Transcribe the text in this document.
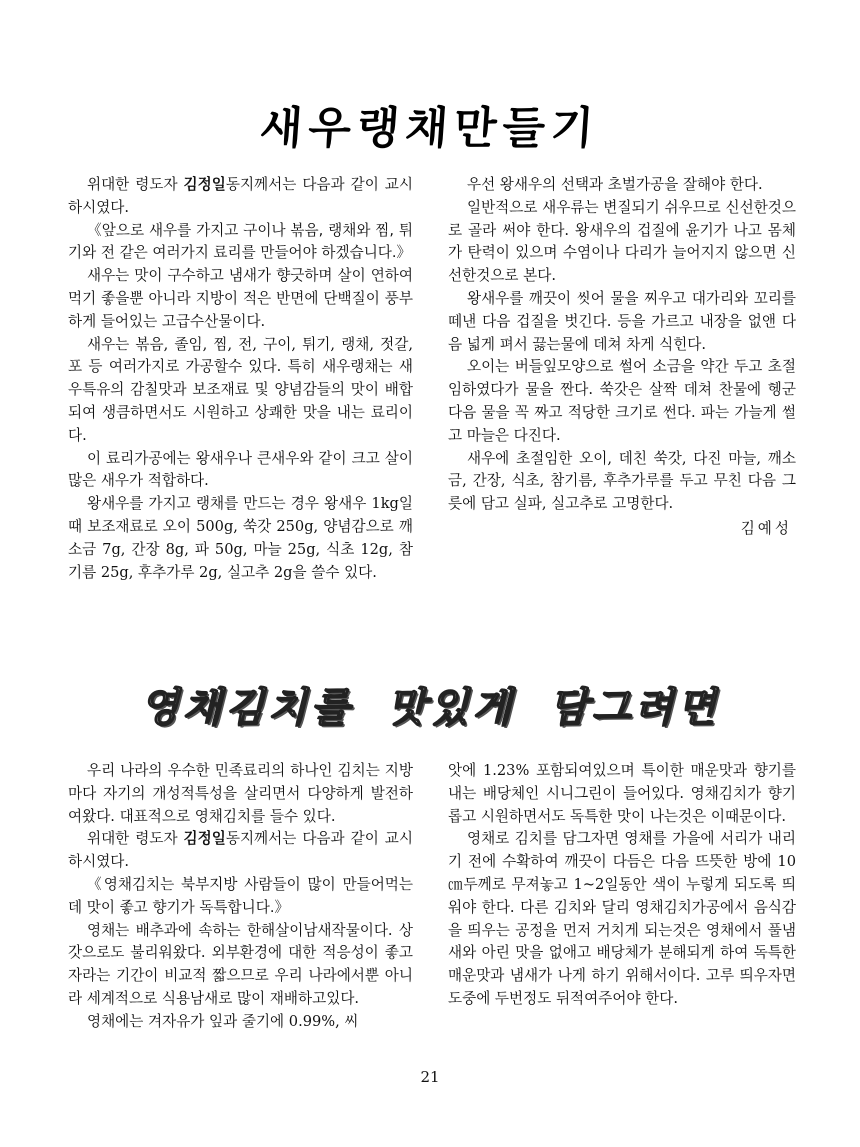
새우랭채만들기

위대한 령도자 김정일동지께서는 다음과 같이 교시하시였다.

《앞으로 새우를 가지고 구이나 볶음, 랭채와 찜, 튀기와 전 같은 여러가지 료리를 만들어야 하겠습니다.》

새우는 맛이 구수하고 냄새가 향긋하며 살이 연하여 먹기 좋을뿐 아니라 지방이 적은 반면에 단백질이 풍부하게 들어있는 고급수산물이다.

새우는 볶음, 졸임, 찜, 전, 구이, 튀기, 랭채, 젓갈, 포 등 여러가지로 가공할수 있다. 특히 새우랭채는 새우특유의 감칠맛과 보조재료 및 양념감들의 맛이 배합되여 생큼하면서도 시원하고 상쾌한 맛을 내는 료리이다.

이 료리가공에는 왕새우나 큰새우와 같이 크고 살이 많은 새우가 적합하다.

왕새우를 가지고 랭채를 만드는 경우 왕새우 1kg일 때 보조재료로 오이 500g, 쑥갓 250g, 양념감으로 깨소금 7g, 간장 8g, 파 50g, 마늘 25g, 식초 12g, 참기름 25g, 후추가루 2g, 실고추 2g을 쓸수 있다.

우선 왕새우의 선택과 초벌가공을 잘해야 한다.

일반적으로 새우류는 변질되기 쉬우므로 신선한것으로 골라 써야 한다. 왕새우의 겁질에 윤기가 나고 몸체가 탄력이 있으며 수염이나 다리가 늘어지지 않으면 신선한것으로 본다.

왕새우를 깨끗이 씻어 물을 찌우고 대가리와 꼬리를 떼낸 다음 겁질을 벗긴다. 등을 가르고 내장을 없앤 다음 넓게 펴서 끓는물에 데쳐 차게 식힌다.

오이는 버들잎모양으로 썰어 소금을 약간 두고 초절임하였다가 물을 짠다. 쑥갓은 살짝 데쳐 찬물에 헹군 다음 물을 꼭 짜고 적당한 크기로 썬다. 파는 가늘게 썰고 마늘은 다진다.

새우에 초절임한 오이, 데친 쑥갓, 다진 마늘, 깨소금, 간장, 식초, 참기름, 후추가루를 두고 무친 다음 그릇에 담고 실파, 실고추로 고명한다.

김예성
영채김치를 맛있게 담그려면

우리 나라의 우수한 민족료리의 하나인 김치는 지방마다 자기의 개성적특성을 살리면서 다양하게 발전하여왔다. 대표적으로 영채김치를 들수 있다.

위대한 령도자 김정일동지께서는 다음과 같이 교시하시였다.

《영채김치는 북부지방 사람들이 많이 만들어먹는데 맛이 좋고 향기가 독특합니다.》

영채는 배추과에 속하는 한해살이남새작물이다. 상갓으로도 불리워왔다. 외부환경에 대한 적응성이 좋고 자라는 기간이 비교적 짧으므로 우리 나라에서뿐 아니라 세계적으로 식용남새로 많이 재배하고있다.

영채에는 겨자유가 잎과 줄기에 0.99%, 씨

앗에 1.23% 포함되여있으며 특이한 매운맛과 향기를 내는 배당체인 시니그린이 들어있다. 영채김치가 향기롭고 시원하면서도 독특한 맛이 나는것은 이때문이다.

영채로 김치를 담그자면 영채를 가을에 서리가 내리기 전에 수확하여 깨끗이 다듬은 다음 뜨뜻한 방에 10㎝두께로 무져놓고 1~2일동안 색이 누렇게 되도록 띄워야 한다. 다른 김치와 달리 영채김치가공에서 음식감을 띄우는 공정을 먼저 거치게 되는것은 영채에서 풀냄새와 아린 맛을 없애고 배당체가 분해되게 하여 독특한 매운맛과 냄새가 나게 하기 위해서이다. 고루 띄우자면 도중에 두번정도 뒤적여주어야 한다.

21
